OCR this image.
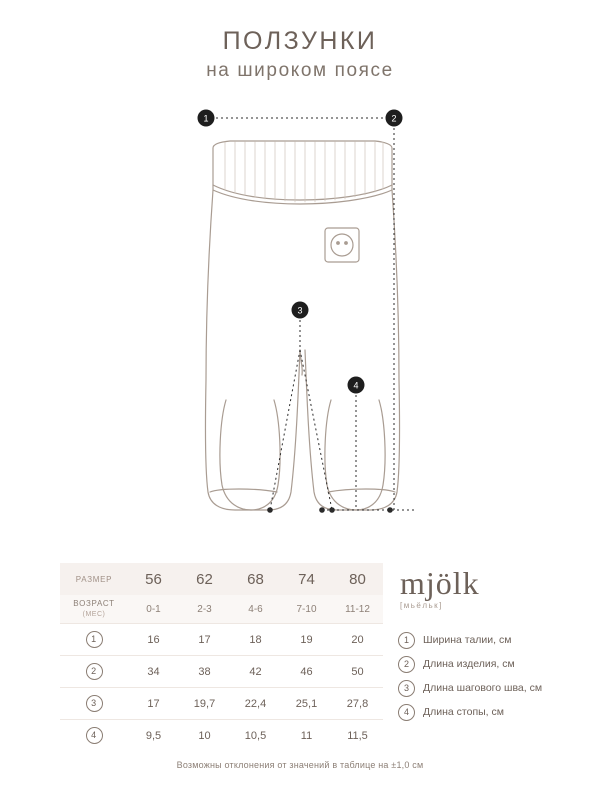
ПОЛЗУНКИ
на широком поясе
1	2
3
4
РАЗМЕР	56	62	68	74	80
ВОЗРАСТ
(МЕС)	0-1	2-3	4-6	7-10	11-12
1	16	17	18	19	20
2	34	38	42	46	50
3	17	19,7	22,4	25,1	27,8
4	9,5	10	10,5	11	11,5
mjölk
[мьёльк]
1	Ширина талии, см
2	Длина изделия, см
3	Длина шагового шва, см
4	Длина стопы, см
Возможны отклонения от значений в таблице на ±1,0 см
